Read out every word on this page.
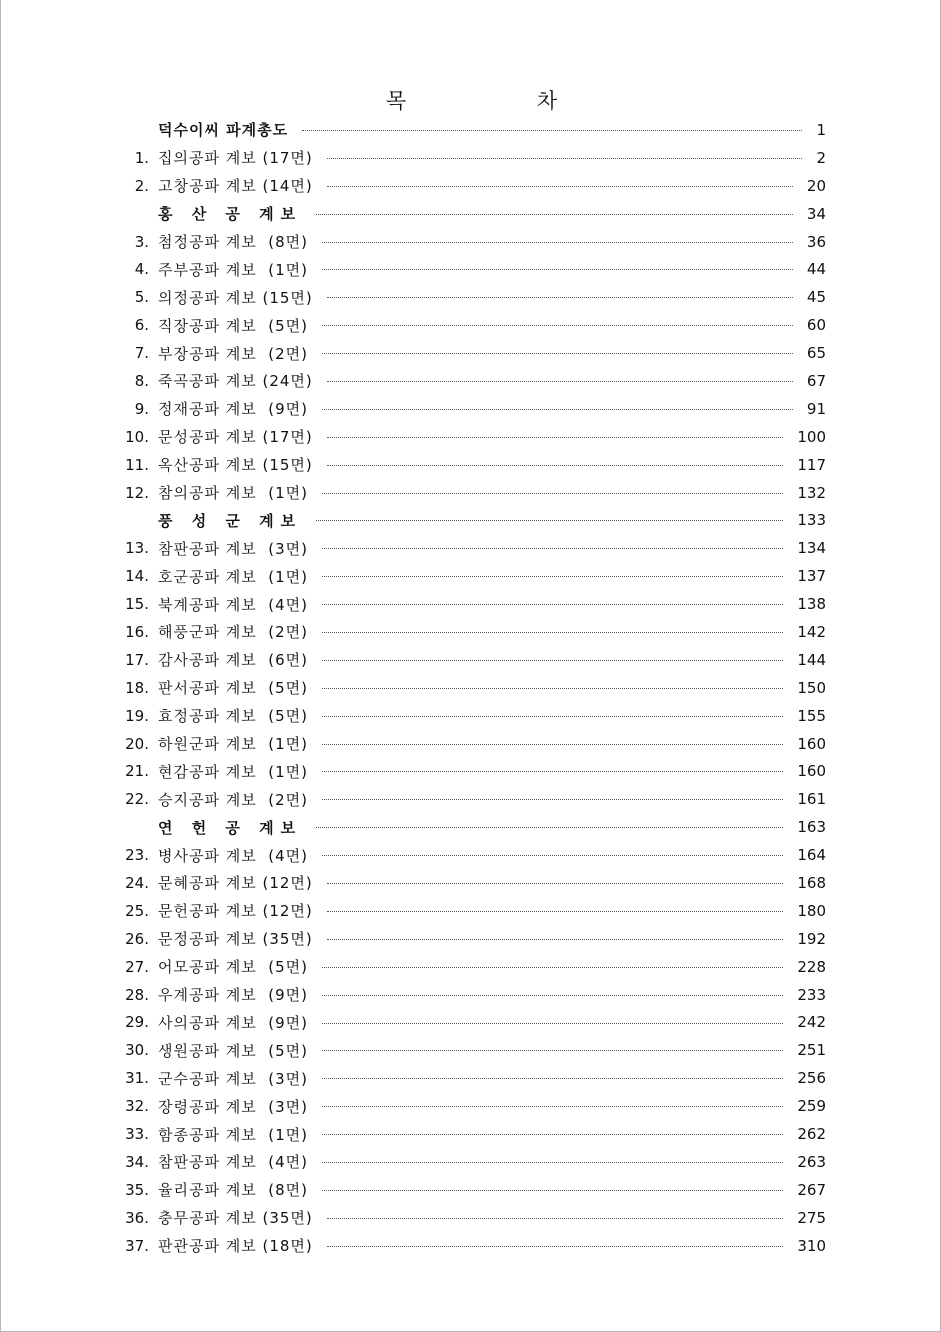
목 차
덕수이씨 파계총도	1
1. 집의공파 계보 (17면)	2
2. 고창공파 계보 (14면)	20
홍 산 공 계보	34
3. 첨정공파 계보  (8면)	36
4. 주부공파 계보  (1면)	44
5. 의정공파 계보 (15면)	45
6. 직장공파 계보  (5면)	60
7. 부장공파 계보  (2면)	65
8. 죽곡공파 계보 (24면)	67
9. 정재공파 계보  (9면)	91
10. 문성공파 계보 (17면)	100
11. 옥산공파 계보 (15면)	117
12. 참의공파 계보  (1면)	132
풍 성 군 계보	133
13. 참판공파 계보  (3면)	134
14. 호군공파 계보  (1면)	137
15. 북계공파 계보  (4면)	138
16. 해풍군파 계보  (2면)	142
17. 감사공파 계보  (6면)	144
18. 판서공파 계보  (5면)	150
19. 효정공파 계보  (5면)	155
20. 하원군파 계보  (1면)	160
21. 현감공파 계보  (1면)	160
22. 승지공파 계보  (2면)	161
연 헌 공 계보	163
23. 병사공파 계보  (4면)	164
24. 문혜공파 계보 (12면)	168
25. 문헌공파 계보 (12면)	180
26. 문정공파 계보 (35면)	192
27. 어모공파 계보  (5면)	228
28. 우계공파 계보  (9면)	233
29. 사의공파 계보  (9면)	242
30. 생원공파 계보  (5면)	251
31. 군수공파 계보  (3면)	256
32. 장령공파 계보  (3면)	259
33. 함종공파 계보  (1면)	262
34. 참판공파 계보  (4면)	263
35. 율리공파 계보  (8면)	267
36. 충무공파 계보 (35면)	275
37. 판관공파 계보 (18면)	310
